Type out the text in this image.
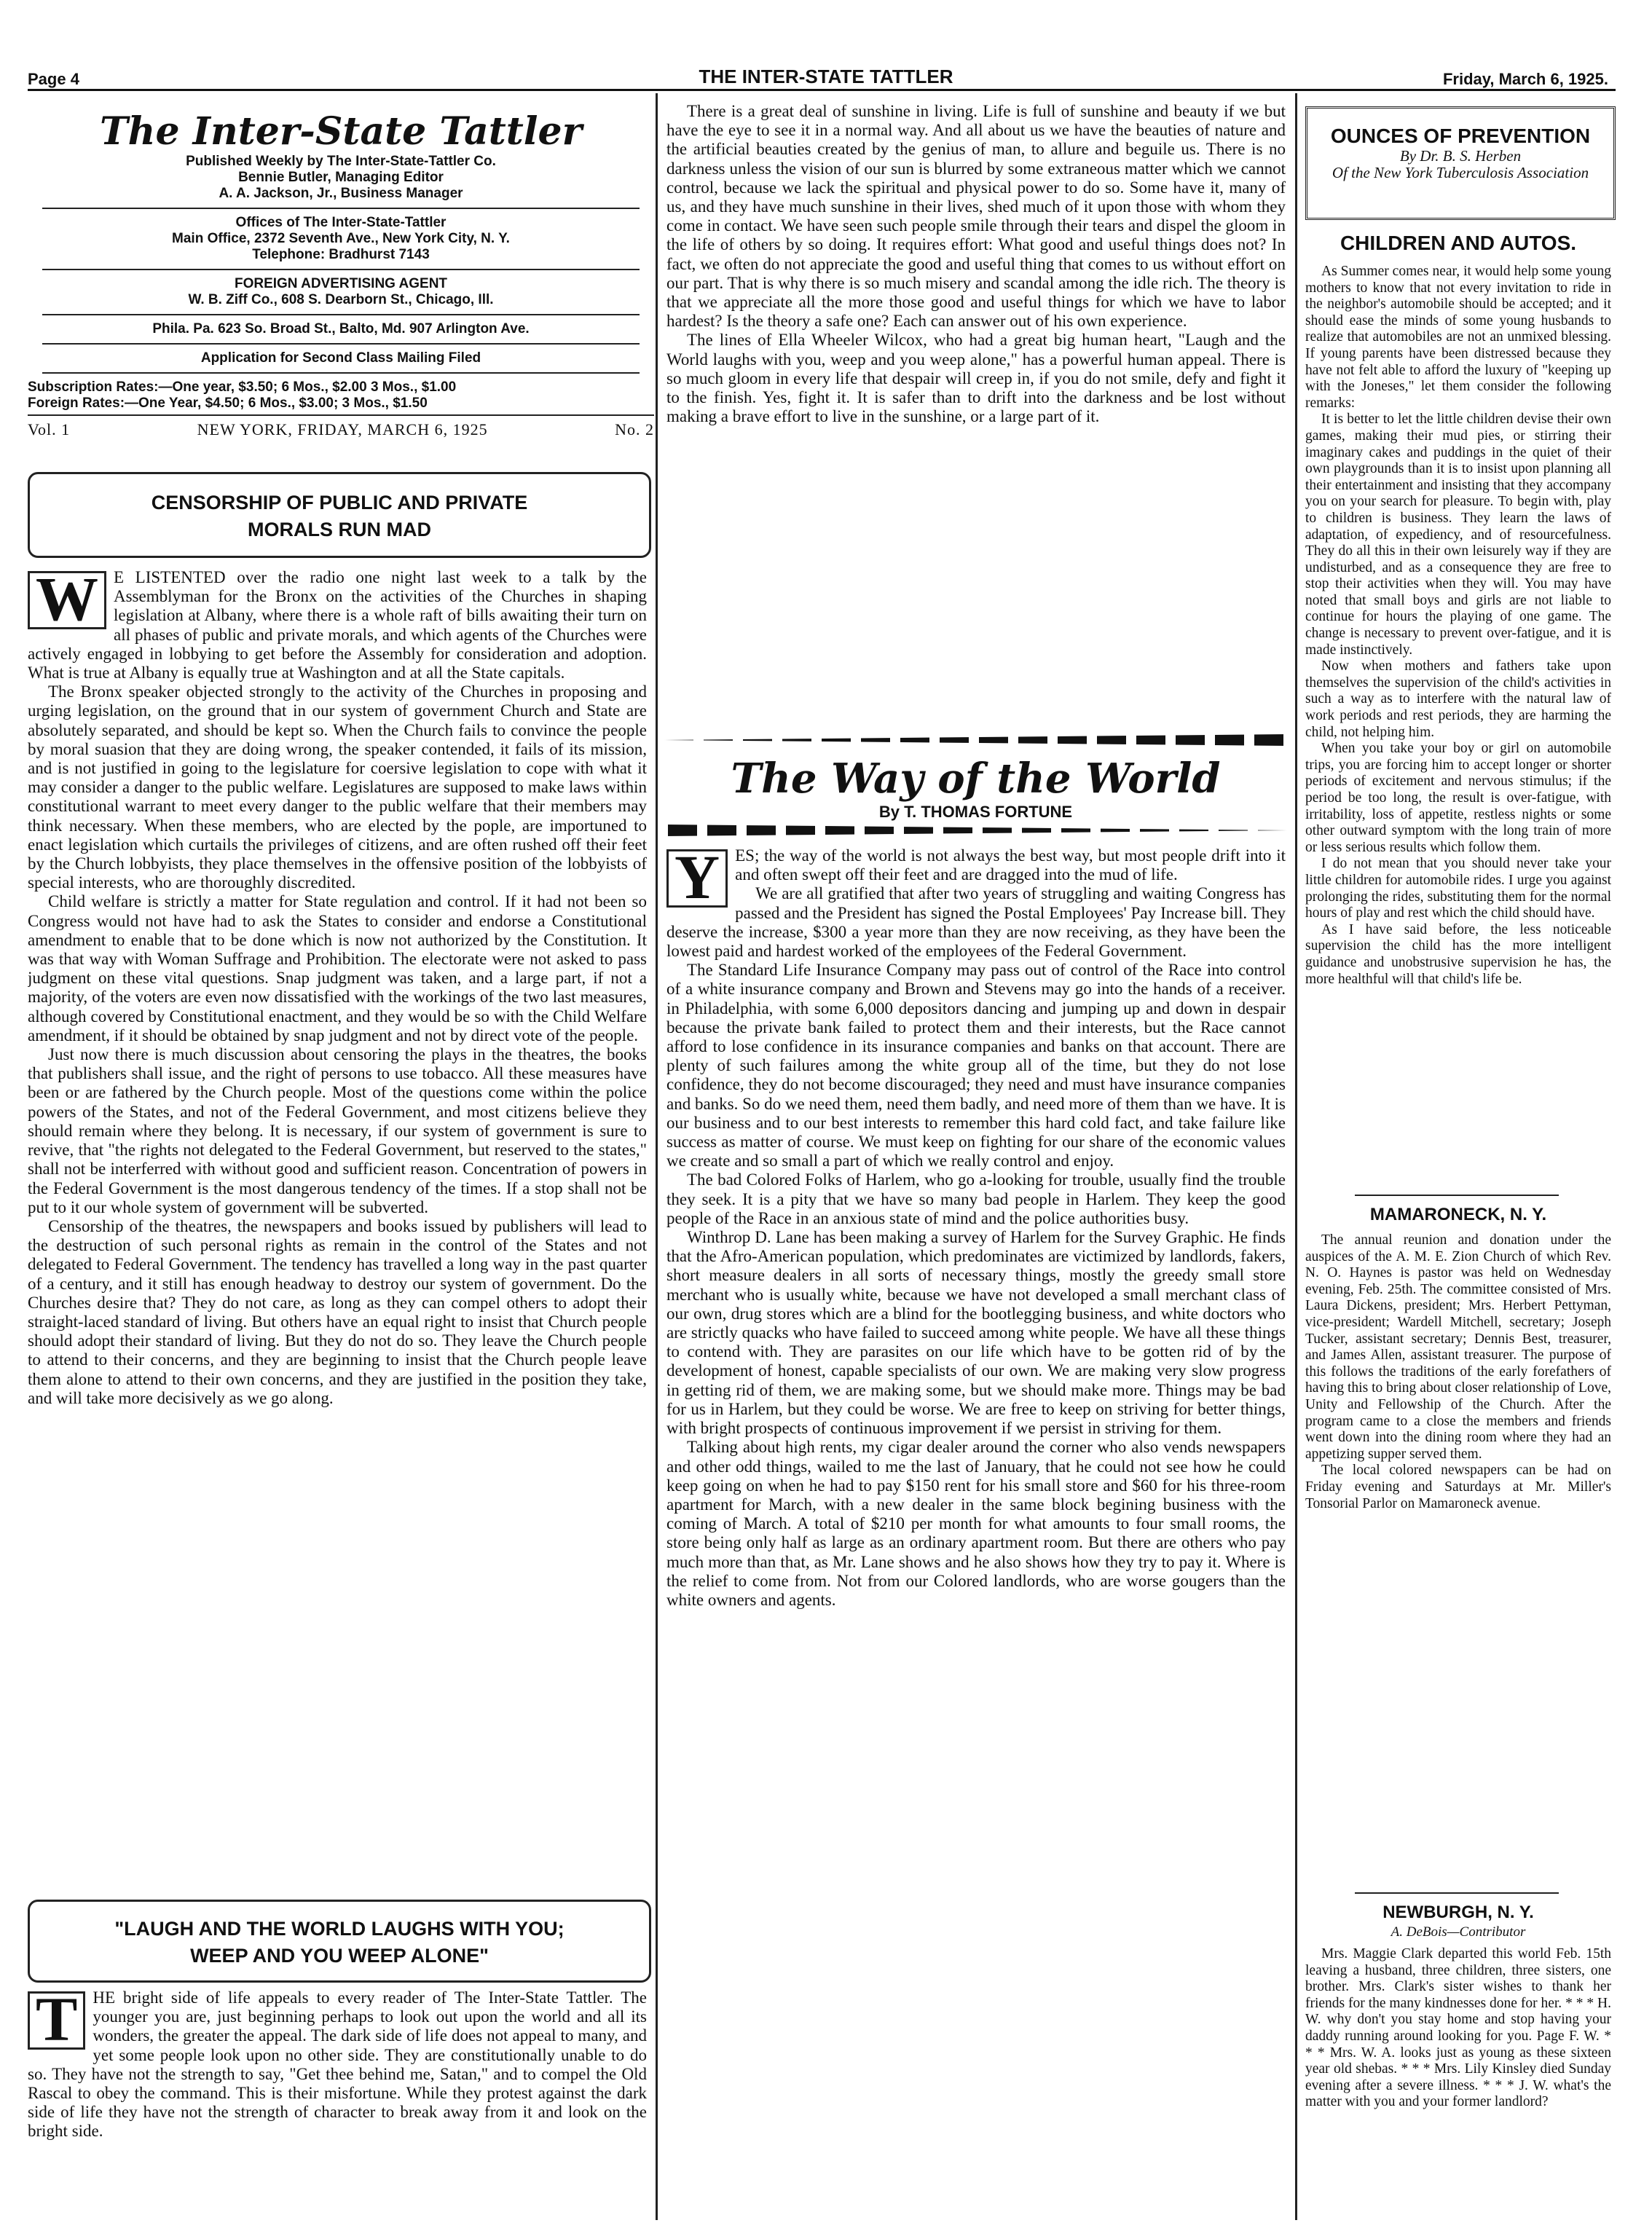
Page 4	THE INTER-STATE TATTLER	Friday, March 6, 1925.
The Inter-State Tattler
Published Weekly by The Inter-State-Tattler Co.
Bennie Butler, Managing Editor
A. A. Jackson, Jr., Business Manager
Offices of The Inter-State-Tattler
Main Office, 2372 Seventh Ave., New York City, N. Y.
Telephone: Bradhurst 7143
FOREIGN ADVERTISING AGENT
W. B. Ziff Co., 608 S. Dearborn St., Chicago, Ill.
Phila. Pa. 623 So. Broad St., Balto, Md. 907 Arlington Ave.
Application for Second Class Mailing Filed
Subscription Rates:—One year, $3.50; 6 Mos., $2.00 3 Mos., $1.00
Foreign Rates:—One Year, $4.50; 6 Mos., $3.00; 3 Mos., $1.50
Vol. 1	NEW YORK, FRIDAY, MARCH 6, 1925	No. 2
CENSORSHIP OF PUBLIC AND PRIVATE
MORALS RUN MAD

W E LISTENTED over the radio one night last week to a talk by the Assemblyman for the Bronx on the activities of the Churches in shaping legislation at Albany, where there is a whole raft of bills awaiting their turn on all phases of public and private morals, and which agents of the Churches were actively engaged in lobbying to get before the Assembly for consideration and adoption. What is true at Albany is equally true at Washington and at all the State capitals.

The Bronx speaker objected strongly to the activity of the Churches in proposing and urging legislation, on the ground that in our system of government Church and State are absolutely separated, and should be kept so. When the Church fails to convince the people by moral suasion that they are doing wrong, the speaker contended, it fails of its mission, and is not justified in going to the legislature for coersive legislation to cope with what it may consider a danger to the public welfare. Legislatures are supposed to make laws within constitutional warrant to meet every danger to the public welfare that their members may think necessary. When these members, who are elected by the pople, are importuned to enact legislation which curtails the privileges of citizens, and are often rushed off their feet by the Church lobbyists, they place themselves in the offensive position of the lobbyists of special interests, who are thoroughly discredited.

Child welfare is strictly a matter for State regulation and control. If it had not been so Congress would not have had to ask the States to consider and endorse a Constitutional amendment to enable that to be done which is now not authorized by the Constitution. It was that way with Woman Suffrage and Prohibition. The electorate were not asked to pass judgment on these vital questions. Snap judgment was taken, and a large part, if not a majority, of the voters are even now dissatisfied with the workings of the two last measures, although covered by Constitutional enactment, and they would be so with the Child Welfare amendment, if it should be obtained by snap judgment and not by direct vote of the people.

Just now there is much discussion about censoring the plays in the theatres, the books that publishers shall issue, and the right of persons to use tobacco. All these measures have been or are fathered by the Church people. Most of the questions come within the police powers of the States, and not of the Federal Government, and most citizens believe they should remain where they belong. It is necessary, if our system of government is sure to revive, that "the rights not delegated to the Federal Government, but reserved to the states," shall not be interferred with without good and sufficient reason. Concentration of powers in the Federal Government is the most dangerous tendency of the times. If a stop shall not be put to it our whole system of government will be subverted.

Censorship of the theatres, the newspapers and books issued by publishers will lead to the destruction of such personal rights as remain in the control of the States and not delegated to Federal Government. The tendency has travelled a long way in the past quarter of a century, and it still has enough headway to destroy our system of government. Do the Churches desire that? They do not care, as long as they can compel others to adopt their straight-laced standard of living. But others have an equal right to insist that Church people should adopt their standard of living. But they do not do so. They leave the Church people to attend to their concerns, and they are beginning to insist that the Church people leave them alone to attend to their own concerns, and they are justified in the position they take, and will take more decisively as we go along.

"LAUGH AND THE WORLD LAUGHS WITH YOU;
WEEP AND YOU WEEP ALONE"

T HE bright side of life appeals to every reader of The Inter-State Tattler. The younger you are, just beginning perhaps to look out upon the world and all its wonders, the greater the appeal. The dark side of life does not appeal to many, and yet some people look upon no other side. They are constitutionally unable to do so. They have not the strength to say, "Get thee behind me, Satan," and to compel the Old Rascal to obey the command. This is their misfortune. While they protest against the dark side of life they have not the strength of character to break away from it and look on the bright side.

There is a great deal of sunshine in living. Life is full of sunshine and beauty if we but have the eye to see it in a normal way. And all about us we have the beauties of nature and the artificial beauties created by the genius of man, to allure and beguile us. There is no darkness unless the vision of our sun is blurred by some extraneous matter which we cannot control, because we lack the spiritual and physical power to do so. Some have it, many of us, and they have much sunshine in their lives, shed much of it upon those with whom they come in contact. We have seen such people smile through their tears and dispel the gloom in the life of others by so doing. It requires effort: What good and useful things does not? In fact, we often do not appreciate the good and useful thing that comes to us without effort on our part. That is why there is so much misery and scandal among the idle rich. The theory is that we appreciate all the more those good and useful things for which we have to labor hardest? Is the theory a safe one? Each can answer out of his own experience.

The lines of Ella Wheeler Wilcox, who had a great big human heart, "Laugh and the World laughs with you, weep and you weep alone," has a powerful human appeal. There is so much gloom in every life that despair will creep in, if you do not smile, defy and fight it to the finish. Yes, fight it. It is safer than to drift into the darkness and be lost without making a brave effort to live in the sunshine, or a large part of it.

The Way of the World
By T. THOMAS FORTUNE

Y ES; the way of the world is not always the best way, but most people drift into it and often swept off their feet and are dragged into the mud of life.

We are all gratified that after two years of struggling and waiting Congress has passed and the President has signed the Postal Employees' Pay Increase bill. They deserve the increase, $300 a year more than they are now receiving, as they have been the lowest paid and hardest worked of the employees of the Federal Government.

The Standard Life Insurance Company may pass out of control of the Race into control of a white insurance company and Brown and Stevens may go into the hands of a receiver. in Philadelphia, with some 6,000 depositors dancing and jumping up and down in despair because the private bank failed to protect them and their interests, but the Race cannot afford to lose confidence in its insurance companies and banks on that account. There are plenty of such failures among the white group all of the time, but they do not lose confidence, they do not become discouraged; they need and must have insurance companies and banks. So do we need them, need them badly, and need more of them than we have. It is our business and to our best interests to remember this hard cold fact, and take failure like success as matter of course. We must keep on fighting for our share of the economic values we create and so small a part of which we really control and enjoy.

The bad Colored Folks of Harlem, who go a-looking for trouble, usually find the trouble they seek. It is a pity that we have so many bad people in Harlem. They keep the good people of the Race in an anxious state of mind and the police authorities busy.

Winthrop D. Lane has been making a survey of Harlem for the Survey Graphic. He finds that the Afro-American population, which predominates are victimized by landlords, fakers, short measure dealers in all sorts of necessary things, mostly the greedy small store merchant who is usually white, because we have not developed a small merchant class of our own, drug stores which are a blind for the bootlegging business, and white doctors who are strictly quacks who have failed to succeed among white people. We have all these things to contend with. They are parasites on our life which have to be gotten rid of by the development of honest, capable specialists of our own. We are making very slow progress in getting rid of them, we are making some, but we should make more. Things may be bad for us in Harlem, but they could be worse. We are free to keep on striving for better things, with bright prospects of continuous improvement if we persist in striving for them.

Talking about high rents, my cigar dealer around the corner who also vends newspapers and other odd things, wailed to me the last of January, that he could not see how he could keep going on when he had to pay $150 rent for his small store and $60 for his three-room apartment for March, with a new dealer in the same block begining business with the coming of March. A total of $210 per month for what amounts to four small rooms, the store being only half as large as an ordinary apartment room. But there are others who pay much more than that, as Mr. Lane shows and he also shows how they try to pay it. Where is the relief to come from. Not from our Colored landlords, who are worse gougers than the white owners and agents.

OUNCES OF PREVENTION
By Dr. B. S. Herben
Of the New York Tuberculosis Association
CHILDREN AND AUTOS.

As Summer comes near, it would help some young mothers to know that not every invitation to ride in the neighbor's automobile should be accepted; and it should ease the minds of some young husbands to realize that automobiles are not an unmixed blessing. If young parents have been distressed because they have not felt able to afford the luxury of "keeping up with the Joneses," let them consider the following remarks:

It is better to let the little children devise their own games, making their mud pies, or stirring their imaginary cakes and puddings in the quiet of their own playgrounds than it is to insist upon planning all their entertainment and insisting that they accompany you on your search for pleasure. To begin with, play to children is business. They learn the laws of adaptation, of expediency, and of resourcefulness. They do all this in their own leisurely way if they are undisturbed, and as a consequence they are free to stop their activities when they will. You may have noted that small boys and girls are not liable to continue for hours the playing of one game. The change is necessary to prevent over-fatigue, and it is made instinctively.

Now when mothers and fathers take upon themselves the supervision of the child's activities in such a way as to interfere with the natural law of work periods and rest periods, they are harming the child, not helping him.

When you take your boy or girl on automobile trips, you are forcing him to accept longer or shorter periods of excitement and nervous stimulus; if the period be too long, the result is over-fatigue, with irritability, loss of appetite, restless nights or some other outward symptom with the long train of more or less serious results which follow them.

I do not mean that you should never take your little children for automobile rides. I urge you against prolonging the rides, substituting them for the normal hours of play and rest which the child should have.

As I have said before, the less noticeable supervision the child has the more intelligent guidance and unobstrusive supervision he has, the more healthful will that child's life be.

MAMARONECK, N. Y.

The annual reunion and donation under the auspices of the A. M. E. Zion Church of which Rev. N. O. Haynes is pastor was held on Wednesday evening, Feb. 25th. The committee consisted of Mrs. Laura Dickens, president; Mrs. Herbert Pettyman, vice-president; Wardell Mitchell, secretary; Joseph Tucker, assistant secretary; Dennis Best, treasurer, and James Allen, assistant treasurer. The purpose of this follows the traditions of the early forefathers of having this to bring about closer relationship of Love, Unity and Fellowship of the Church. After the program came to a close the members and friends went down into the dining room where they had an appetizing supper served them.

The local colored newspapers can be had on Friday evening and Saturdays at Mr. Miller's Tonsorial Parlor on Mamaroneck avenue.

NEWBURGH, N. Y.
A. DeBois—Contributor

Mrs. Maggie Clark departed this world Feb. 15th leaving a husband, three children, three sisters, one brother. Mrs. Clark's sister wishes to thank her friends for the many kindnesses done for her. * * * H. W. why don't you stay home and stop having your daddy running around looking for you. Page F. W. * * * Mrs. W. A. looks just as young as these sixteen year old shebas. * * * Mrs. Lily Kinsley died Sunday evening after a severe illness. * * * J. W. what's the matter with you and your former landlord?
